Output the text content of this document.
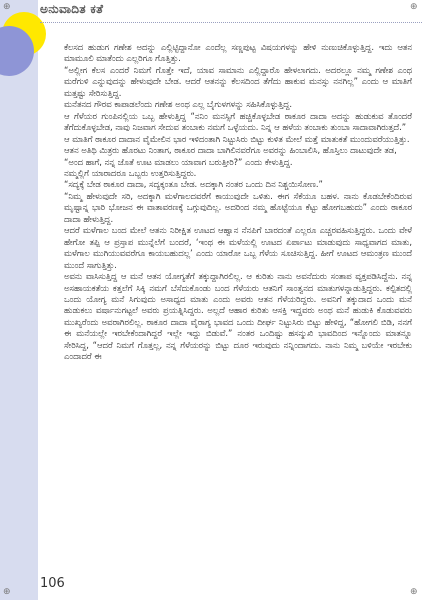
ಅನುವಾದಿತ ಕತೆ

ಕೆಲಸದ ಹುಡುಗ ಗಣೇಶ ಅದನ್ನು ಎಲ್ಲಿಟ್ಟಿದ್ದಾನೋ ಎಂದೆಲ್ಲ ಸಣ್ಣಪುಟ್ಟ ವಿಷಯಗಳನ್ನು ಹೇಳಿ ನುಣುಚಿಕೊಳ್ಳುತ್ತಿದ್ದ. ಇದು ಆತನ ಮಾಮೂಲಿ ಮಾತೆಂದು ಎಲ್ಲರಿಗೂ ಗೊತ್ತಿತ್ತು.

“ಅಲ್ಲೀಗ ಕೆಲಸ ಎಂದರೆ ನಿಮಗೆ ಗೊತ್ತೇ ಇದೆ, ಯಾವ ಸಾಮಾನು ಎಲ್ಲಿದ್ದಾರೊ ಹೇಳಲಾಗದು. ಅದರಲ್ಲೂ ನಮ್ಮ ಗಣೇಶ ಎಂಥ ಮರೆಗುಳಿ ಎನ್ನುವುದನ್ನು ಹೇಳುವುದೇ ಬೇಡ. ಆದರೆ ಆತನನ್ನು ಕೆಲಸದಿಂದ ತೆಗೆದು ಹಾಕುವ ಮನಸ್ಸು ನನಗಿಲ್ಲ” ಎಂದು ಆ ಮಾತಿಗೆ ಮತ್ತಷ್ಟು ಸೇರಿಸುತ್ತಿದ್ದ.

ಮನೆತನದ ಗೌರವ ಕಾಪಾಡಲೆಂದು ಗಣೇಶ ಅಂಥ ಎಲ್ಲ ಬೈಗುಳಗಳನ್ನು ಸಹಿಸಿಕೊಳ್ಳುತ್ತಿದ್ದ.

ಆ ಗೆಳೆಯರ ಗುಂಪಿನಲ್ಲಿಯ ಒಬ್ಬ ಹೇಳುತ್ತಿದ್ದ “ನನಿಂ ಮನಸ್ಸಿಗೆ ಹಚ್ಚಿಕೊಳ್ಳಬೇಡ ಠಾಕೂರ ದಾದಾ ಅದನ್ನು ಹುಡುಕುವ ತೊಂದರೆ ತೆಗೆದುಕೊಳ್ಳಬೇಡ, ನಾವು ನಿಜವಾಗ ಸೇದುವ ತಂಬಾಕು ನಮಗೆ ಒಳ್ಳೆಯದು. ನಿನ್ನ ಆ ಹಳೆಯ ತಂಬಾಕು ತುಂಬಾ ಸಾದಾವಾಗಿರುತ್ತದೆ.”

ಆ ಮಾತಿಗೆ ಠಾಕೂರ ದಾದಾನ ವೈಮೇಲಿನ ಭಾರ ಇಳಿದಂತಾಗಿ ನಿಟ್ಟುಸಿರು ಬಿಟ್ಟು ಕುಳಿತ ಮೇಲೆ ಮತ್ತೆ ಮಾತುಕತೆ ಮುಂದುವರೆಯುತ್ತಿತ್ತು.

ಆತನ ಅತಿಥಿ ಮಿತ್ರರು ಹೊರಟು ನಿಂತಾಗ, ಠಾಕೂರ ದಾದಾ ಬಾಗಿಲಿನವರೆಗೂ ಅವರನ್ನು ಹಿಂಬಾಲಿಸಿ, ಹೊಸ್ತಿಲು ದಾಟುವುದೇ ತಡ,

“ಅಂದ ಹಾಗೆ, ನನ್ನ ಜೊತೆ ಊಟ ಮಾಡಲು ಯಾವಾಗ ಬರುತ್ತೀರಿ?” ಎಂದು ಕೇಳುತ್ತಿದ್ದ.

ನಮ್ಮಲ್ಲಿಗೆ ಯಾರಾದರೂ ಒಬ್ಬರು ಉತ್ತರಿಸುತ್ತಿದ್ದರು.

“ಸದ್ಯಕ್ಕೆ ಬೇಡ ಠಾಕೂರ ದಾದಾ, ಸದ್ಯಕ್ಕಂತೂ ಬೇಡ. ಅದಕ್ಕಾಗಿ ನಂತರ ಒಂದು ದಿನ ನಿಶ್ಚಯಿಸೋಣ.”

“ನಿಮ್ಮ ಹೇಳುವುದೇ ಸರಿ, ಅದಕ್ಕಾಗಿ ಮಳೆಗಾಲದವರೆಗೆ ಕಾಯುವುದೇ ಒಳಿತು. ಈಗ ಸೆಕೆಯೂ ಬಹಳ. ನಾನು ಕೊಡಬೇಕೆಂದಿರುವ ಮೃಷ್ಟಾನ್ನ ಭಾರಿ ಭೋಜನ ಈ ವಾತಾವರಣಕ್ಕೆ ಒಗ್ಗುವುದಿಲ್ಲ. ಅದರಿಂದ ನಮ್ಮ ಹೊಟ್ಟೆಯೂ ಕೆಟ್ಟು ಹೋಗಬಹುದು” ಎಂದು ಠಾಕೂರ ದಾದಾ ಹೇಳುತ್ತಿದ್ದ.

ಆದರೆ ಮಳೆಗಾಲ ಬಂದ ಮೇಲೆ ಆತನು ನಿರೀಕ್ಷಿತ ಊಟದ ಆಹ್ವಾನ ನೆನಪಿಗೆ ಬಾರದಂತೆ ಎಲ್ಲರೂ ಎಚ್ಚರವಹಿಸುತ್ತಿದ್ದರು. ಒಂದು ವೇಳೆ ಹೇಗೋ ತಪ್ಪಿ ಆ ಪ್ರಸ್ತಾಪ ಮುನ್ನೆಲೆಗೆ ಬಂದರೆ, ‘ಇಂಥ ಈ ಮಳೆಯಲ್ಲಿ ಊಟದ ಏರ್ಪಾಟು ಮಾಡುವುದು ಸಾಧ್ಯವಾಗದ ಮಾತು, ಮಳೆಗಾಲ ಮುಗಿಯುವವರೆಗೂ ಕಾಯಬಹುದಲ್ಲ’ ಎಂದು ಯಾರೋ ಒಬ್ಬ ಗೆಳೆಯ ಸೂಚಿಸುತ್ತಿದ್ದ. ಹೀಗೆ ಊಟದ ಆಮಂತ್ರಣ ಮುಂದೆ ಮುಂದೆ ಸಾಗುತ್ತಿತ್ತು.

ಅವನು ವಾಸಿಸುತ್ತಿದ್ದ ಆ ಮನೆ ಆತನ ಯೋಗ್ಯತೆಗೆ ತಕ್ಕುದ್ದಾಗಿರಲಿಲ್ಲ. ಆ ಕುರಿತು ನಾನು ಅವನೆದುರು ಸಂತಾಪ ವ್ಯಕ್ತಪಡಿಸಿದ್ದೆನು. ನನ್ನ ಅಸಹಾಯಕತೆಯ ಕತ್ತಲೆಗೆ ಸಿಕ್ಕಿ ನಮಗೆ ಬೆಸೆದುಕೊಂಡು ಬಂದ ಗೆಳೆಯರು ಆತನಿಗೆ ಸಾಂತ್ವನದ ಮಾತುಗಳನ್ನಾಡುತ್ತಿದ್ದರು. ಕಲ್ಪಿತದಲ್ಲಿ ಒಂದು ಯೋಗ್ಯ ಮನೆ ಸಿಗುವುದು ಅಸಾಧ್ಯದ ಮಾತು ಎಂದು ಅವರು ಆತನ ಗೆಳೆಯರಿದ್ದರು. ಅವನಿಗೆ ತಕ್ಕುದಾದ ಒಂದು ಮನೆ ಹುಡುಕಲು ವರ್ಷಾನುಗಟ್ಟಲೆ ಅವರು ಪ್ರಯತ್ನಿಸಿದ್ದರು. ಅಲ್ಲದೆ ಆಹಾರ ಕುರಿತು ಆಸಕ್ತಿ ಇದ್ದವರು ಅಂಥ ಮನೆ ಹುಡುಕಿ ಕೊಡುವವರು ಮುಖ್ಯರೆಂದು ಅವರಾಗಿರಲಿಲ್ಲ. ಠಾಕೂರ ದಾದಾ ವೈರಾಗ್ಯ ಭಾವದ ಒಂದು ದೀರ್ಘ ನಿಟ್ಟುಸಿರು ಬಿಟ್ಟು ಹೇಳಿದ್ದ, “ಹೋಗಲಿ ಬಿಡಿ, ನನಗೆ ಈ ಮನೆಯಲ್ಲೇ ಇರಬೇಕೆಂದಾಗಿದ್ದರೆ ಇಲ್ಲೇ ಇದ್ದು ಬಿಡುವೆ.” ನಂತರ ಒಂದಿಷ್ಟು ಹಸನ್ಮುಖಿ ಭಾವದಿಂದ ಇನ್ನೊಂದು ಮಾತನ್ನೂ ಸೇರಿಸಿದ್ದ, “ಆದರೆ ನಿಮಗೆ ಗೊತ್ತಲ್ಲ, ನನ್ನ ಗೆಳೆಯರನ್ನು ಬಿಟ್ಟು ದೂರ ಇರುವುದು ನನ್ನಿಂದಾಗದು. ನಾನು ನಿಮ್ಮ ಬಳಿಯೇ ಇರಬೇಕು ಎಂದಾದರೆ ಈ

106
⊕	⊕
⊕	⊕
